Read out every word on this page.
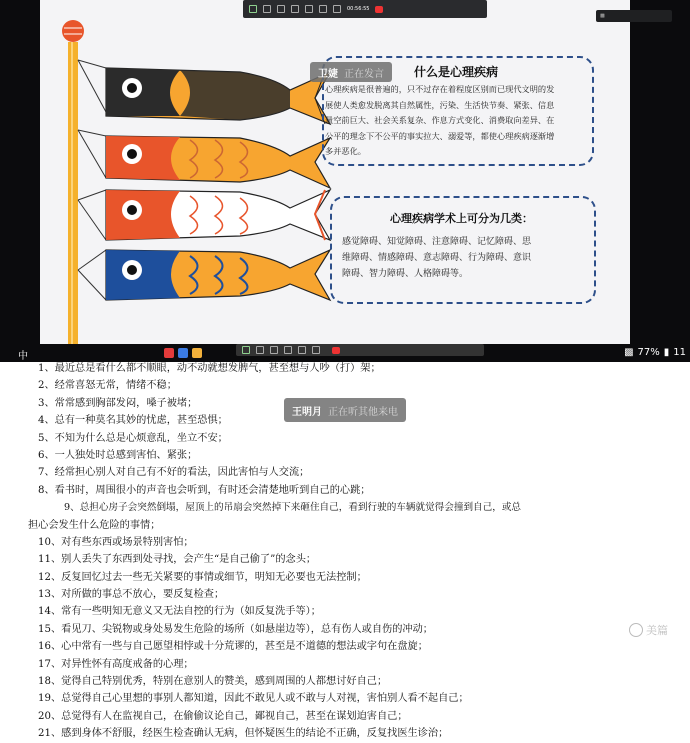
什么是心理疾病
心理疾病是很普遍的，只不过存在着程度区别而已现代文明的发
展使人类愈发脱离其自然属性，污染、生活快节奏、紧张、信息
量空前巨大、社会关系复杂、作息方式变化、消费取向差异、在
公平的理念下不公平的事实拉大、溺爱等，都使心理疾病逐渐增
多并恶化。
心理疾病学术上可分为几类：
感觉障碍、知觉障碍、注意障碍、记忆障碍、思
维障碍、情感障碍、意志障碍、行为障碍、意识
障碍、智力障碍、人格障碍等。
00:56:55
▩
卫婕 正在发言
中	▩ 77% ▮ 11
1、最近总是看什么都不顺眼，动不动就想发脾气，甚至想与人吵（打）架；
2、经常喜怒无常，情绪不稳；
3、常常感到胸部发闷，嗓子被堵；
4、总有一种莫名其妙的忧虑，甚至恐惧；
5、不知为什么总是心烦意乱，坐立不安；
6、一人独处时总感到害怕、紧张；
7、经常担心别人对自己有不好的看法，因此害怕与人交流；
8、看书时，周围很小的声音也会听到，有时还会清楚地听到自己的心跳；
9、总担心房子会突然倒塌，屋顶上的吊扇会突然掉下来砸住自己，看到行驶的车辆就觉得会撞到自己，或总
担心会发生什么危险的事情；
10、对有些东西或场景特别害怕；
11、别人丢失了东西到处寻找，会产生“是自己偷了”的念头；
12、反复回忆过去一些无关紧要的事情或细节，明知无必要也无法控制；
13、对所做的事总不放心，要反复检查；
14、常有一些明知无意义又无法自控的行为（如反复洗手等）；
15、看见刀、尖锐物或身处易发生危险的场所（如悬崖边等），总有伤人或自伤的冲动；
16、心中常有一些与自己愿望相悖或十分荒谬的，甚至是不道德的想法或字句在盘旋；
17、对异性怀有高度戒备的心理；
18、觉得自己特别优秀，特别在意别人的赞美，感到周围的人都想讨好自己；
19、总觉得自己心里想的事别人都知道，因此不敢见人或不敢与人对视，害怕别人看不起自己；
20、总觉得有人在监视自己，在偷偷议论自己，鄙视自己，甚至在谋划迫害自己；
21、感到身体不舒服，经医生检查确认无病，但怀疑医生的结论不正确，反复找医生诊治；
王明月 正在听其他来电
美篇
